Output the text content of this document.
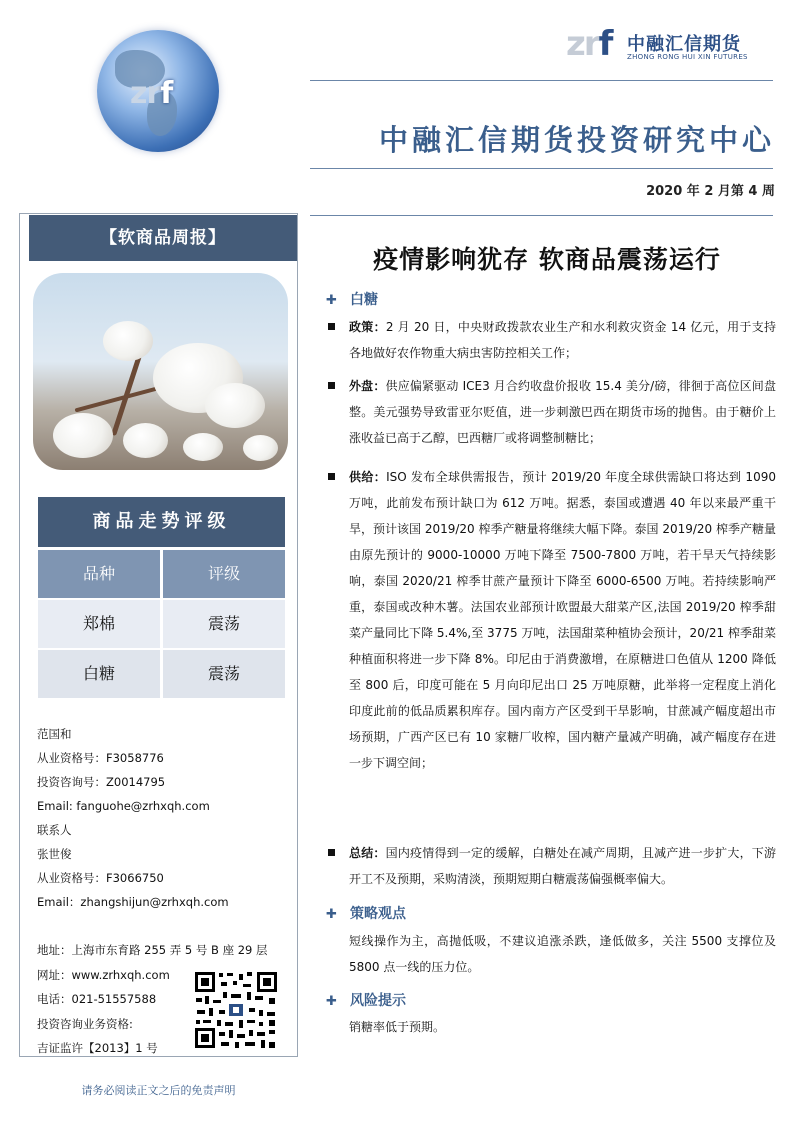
zrf
zrf 中融汇信期货
ZHONG RONG HUI XIN FUTURES
中融汇信期货投资研究中心
2020 年 2 月第 4 周
【软商品周报】
商品走势评级
品种	评级
郑棉	震荡
白糖	震荡
范国和
从业资格号：F3058776
投资咨询号：Z0014795
Email: fanguohe@zrhxqh.com
联系人
张世俊
从业资格号：F3066750
Email：zhangshijun@zrhxqh.com
地址：上海市东育路 255 弄 5 号 B 座 29 层
网址：www.zrhxqh.com
电话：021-51557588
投资咨询业务资格:
吉证监许【2013】1 号
请务必阅读正文之后的免责声明
疫情影响犹存 软商品震荡运行
✚ 白糖
政策：2 月 20 日，中央财政拨款农业生产和水利救灾资金 14 亿元，用于支持各地做好农作物重大病虫害防控相关工作；
外盘：供应偏紧驱动 ICE3 月合约收盘价报收 15.4 美分/磅，徘徊于高位区间盘整。美元强势导致雷亚尔贬值，进一步刺激巴西在期货市场的抛售。由于糖价上涨收益已高于乙醇，巴西糖厂或将调整制糖比；
供给：ISO 发布全球供需报告，预计 2019/20 年度全球供需缺口将达到 1090 万吨，此前发布预计缺口为 612 万吨。据悉，泰国或遭遇 40 年以来最严重干旱，预计该国 2019/20 榨季产糖量将继续大幅下降。泰国 2019/20 榨季产糖量由原先预计的 9000-10000 万吨下降至 7500-7800 万吨，若干旱天气持续影响，泰国 2020/21 榨季甘蔗产量预计下降至 6000-6500 万吨。若持续影响严重，泰国或改种木薯。法国农业部预计欧盟最大甜菜产区,法国 2019/20 榨季甜菜产量同比下降 5.4%,至 3775 万吨，法国甜菜种植协会预计，20/21 榨季甜菜种植面积将进一步下降 8%。印尼由于消费激增，在原糖进口色值从 1200 降低至 800 后，印度可能在 5 月向印尼出口 25 万吨原糖，此举将一定程度上消化印度此前的低品质累积库存。国内南方产区受到干旱影响，甘蔗减产幅度超出市场预期，广西产区已有 10 家糖厂收榨，国内糖产量减产明确，减产幅度存在进一步下调空间；
总结：国内疫情得到一定的缓解，白糖处在减产周期，且减产进一步扩大，下游开工不及预期，采购清淡，预期短期白糖震荡偏强概率偏大。
✚ 策略观点
短线操作为主，高抛低吸，不建议追涨杀跌，逢低做多，关注 5500 支撑位及 5800 点一线的压力位。
✚ 风险提示
销糖率低于预期。
